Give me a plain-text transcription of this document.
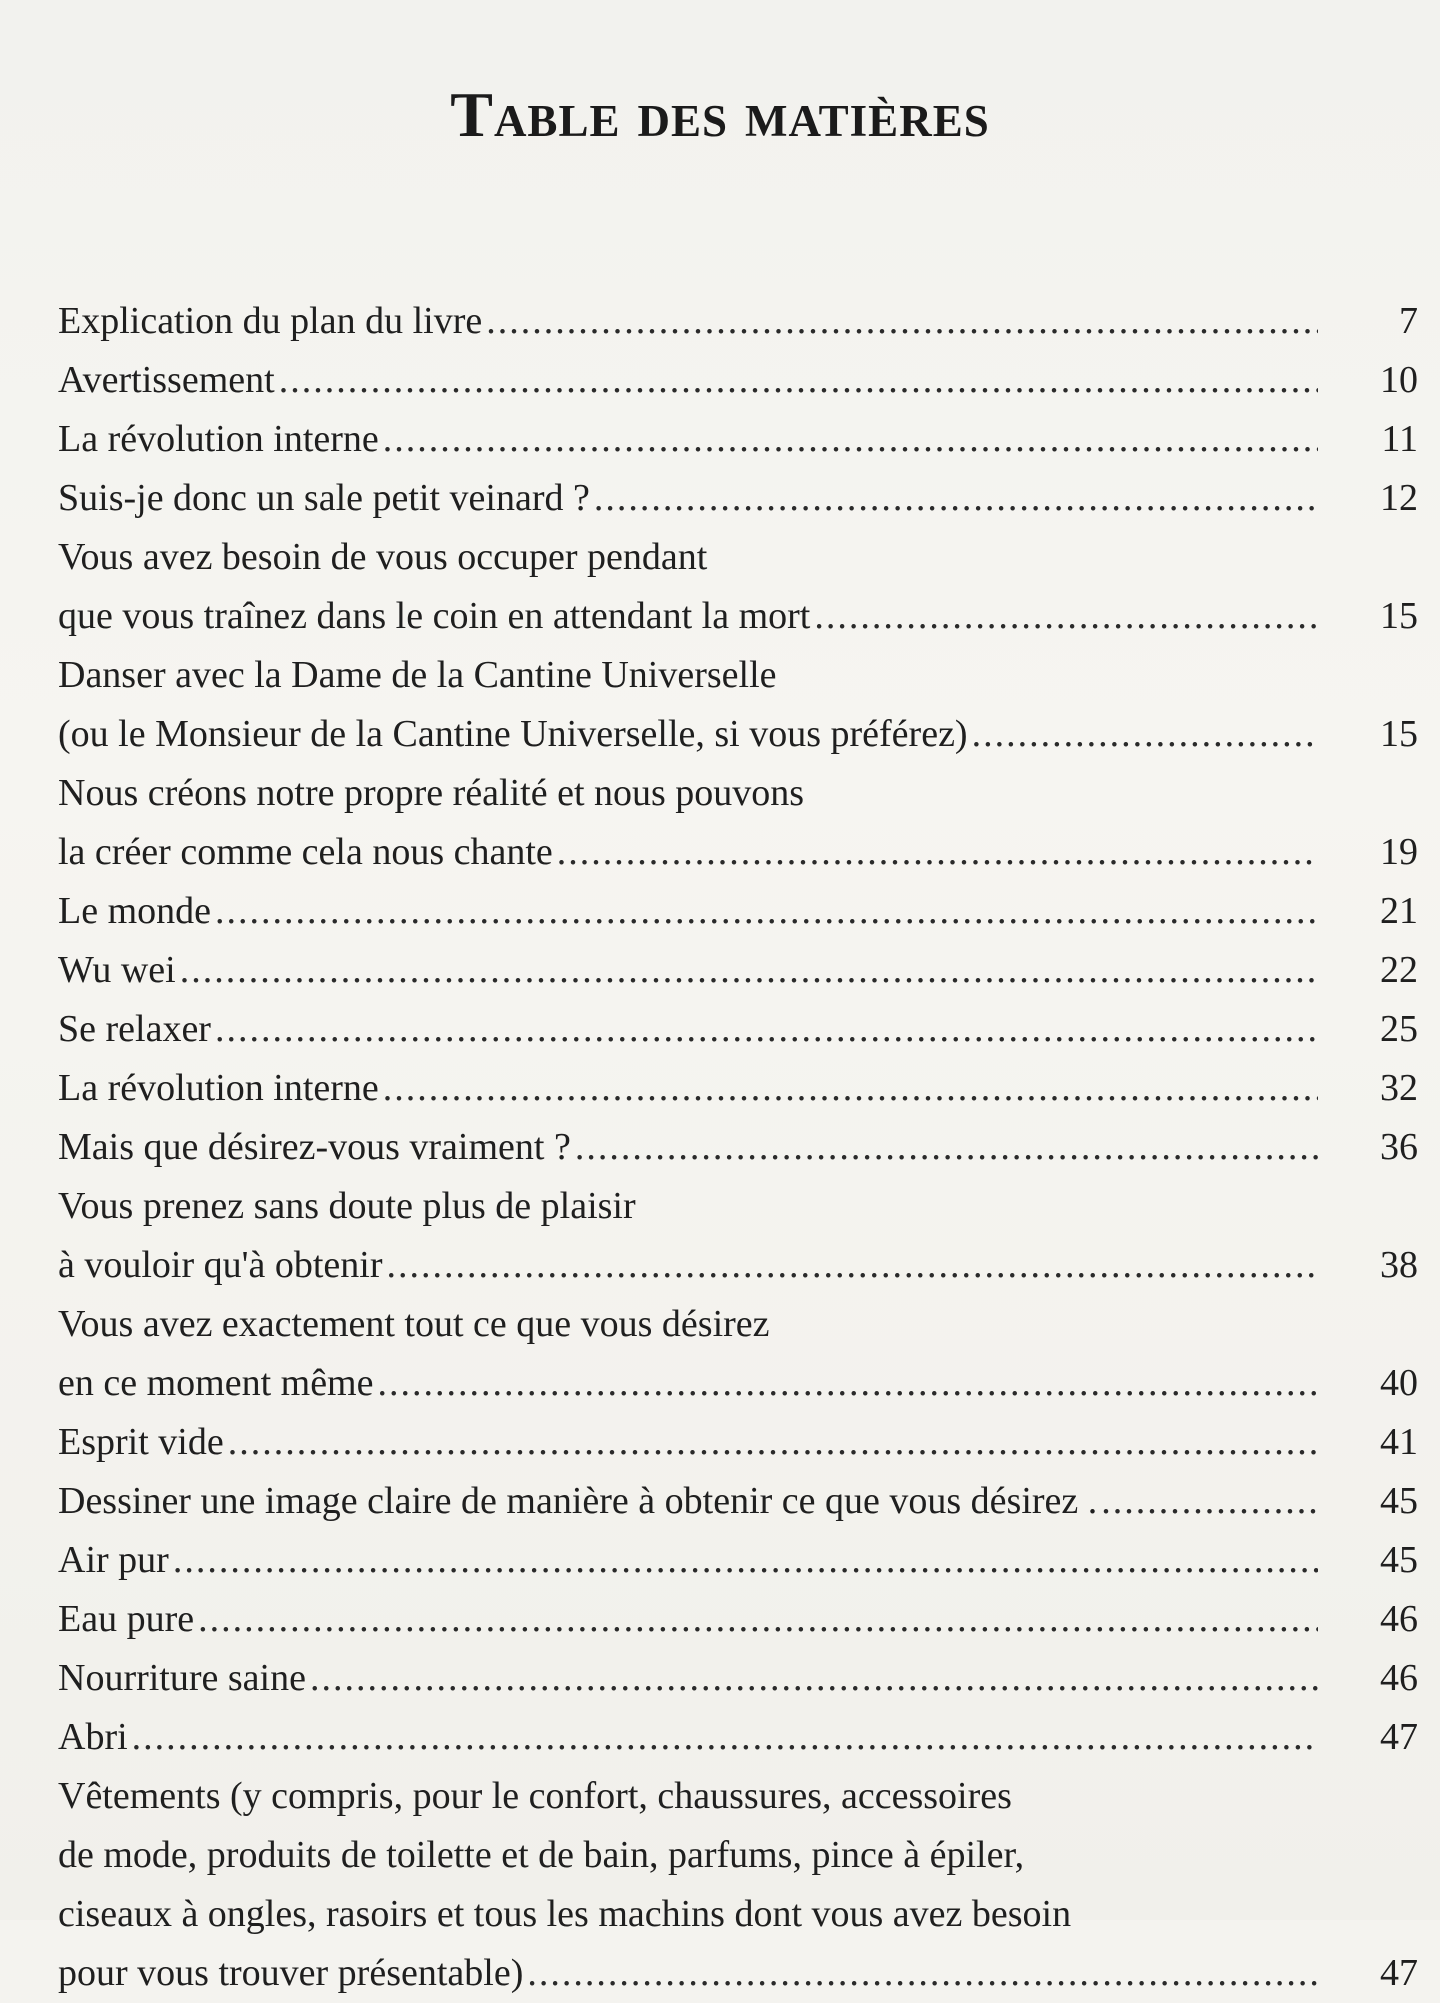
Table des matières
Explication du plan du livre .....	7
Avertissement .....	10
La révolution interne .....	11
Suis-je donc un sale petit veinard ? .....	12
Vous avez besoin de vous occuper pendant
que vous traînez dans le coin en attendant la mort .....	15
Danser avec la Dame de la Cantine Universelle
(ou le Monsieur de la Cantine Universelle, si vous préférez) .....	15
Nous créons notre propre réalité et nous pouvons
la créer comme cela nous chante .....	19
Le monde .....	21
Wu wei .....	22
Se relaxer .....	25
La révolution interne .....	32
Mais que désirez-vous vraiment ? .....	36
Vous prenez sans doute plus de plaisir
à vouloir qu'à obtenir .....	38
Vous avez exactement tout ce que vous désirez
en ce moment même .....	40
Esprit vide .....	41
Dessiner une image claire de manière à obtenir ce que vous désirez . .....	45
Air pur .....	45
Eau pure .....	46
Nourriture saine .....	46
Abri .....	47
Vêtements (y compris, pour le confort, chaussures, accessoires
de mode, produits de toilette et de bain, parfums, pince à épiler,
ciseaux à ongles, rasoirs et tous les machins dont vous avez besoin
pour vous trouver présentable) .....	47
